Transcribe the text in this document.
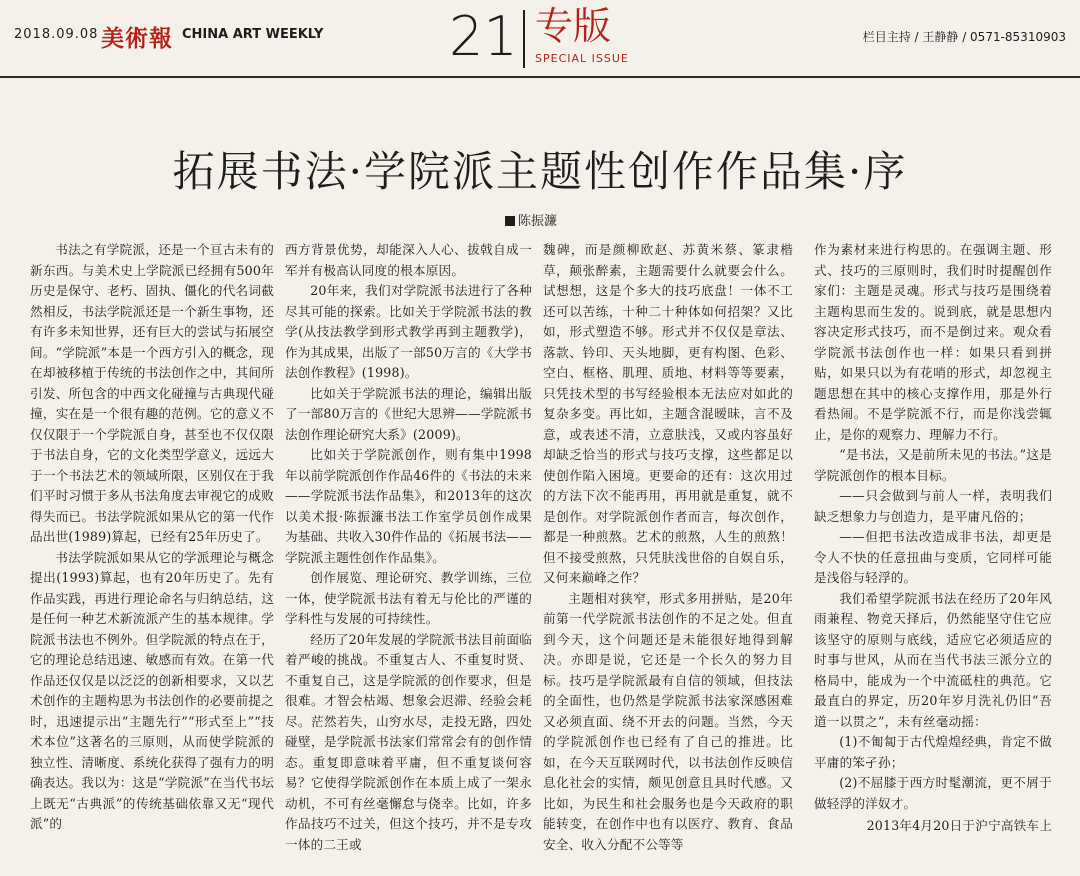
2018.09.08 美術報 CHINA ART WEEKLY 21 专版
SPECIAL ISSUE
栏目主持 / 王静静 / 0571-85310903
拓展书法·学院派主题性创作作品集·序
陈振濂

书法之有学院派，还是一个亘古未有的新东西。与美术史上学院派已经拥有500年历史是保守、老朽、固执、僵化的代名词截然相反，书法学院派还是一个新生事物，还有许多未知世界，还有巨大的尝试与拓展空间。“学院派”本是一个西方引入的概念，现在却被移植于传统的书法创作之中，其间所引发、所包含的中西文化碰撞与古典现代碰撞，实在是一个很有趣的范例。它的意义不仅仅限于一个学院派自身，甚至也不仅仅限于书法自身，它的文化类型学意义，远远大于一个书法艺术的领域所限，区别仅在于我们平时习惯于多从书法角度去审视它的成败得失而已。书法学院派如果从它的第一代作品出世(1989)算起，已经有25年历史了。

书法学院派如果从它的学派理论与概念提出(1993)算起，也有20年历史了。先有作品实践，再进行理论命名与归纳总结，这是任何一种艺术新流派产生的基本规律。学院派书法也不例外。但学院派的特点在于，它的理论总结迅速、敏感而有效。在第一代作品还仅仅是以泛泛的创新相要求，又以艺术创作的主题构思为书法创作的必要前提之时，迅速提示出“主题先行”“形式至上”“技术本位”这著名的三原则，从而使学院派的独立性、清晰度、系统化获得了强有力的明确表达。我以为：这是“学院派”在当代书坛上既无“古典派”的传统基础依靠又无“现代派”的

西方背景优势，却能深入人心、拔戟自成一军并有极高认同度的根本原因。

20年来，我们对学院派书法进行了各种尽其可能的探索。比如关于学院派书法的教学(从技法教学到形式教学再到主题教学)，作为其成果，出版了一部50万言的《大学书法创作教程》(1998)。

比如关于学院派书法的理论，编辑出版了一部80万言的《世纪大思辨——学院派书法创作理论研究大系》(2009)。

比如关于学院派创作，则有集中1998年以前学院派创作作品46件的《书法的未来——学院派书法作品集》，和2013年的这次以美术报·陈振濂书法工作室学员创作成果为基础、共收入30件作品的《拓展书法——学院派主题性创作作品集》。

创作展览、理论研究、教学训练，三位一体，使学院派书法有着无与伦比的严谨的学科性与发展的可持续性。

经历了20年发展的学院派书法目前面临着严峻的挑战。不重复古人、不重复时贤、不重复自己，这是学院派的创作要求，但是很难。才智会枯竭、想象会迟滞、经验会耗尽。茫然若失，山穷水尽，走投无路，四处碰壁，是学院派书法家们常常会有的创作情态。重复即意味着平庸，但不重复谈何容易？它使得学院派创作在本质上成了一架永动机，不可有丝毫懈怠与侥幸。比如，许多作品技巧不过关，但这个技巧，并不是专攻一体的二王或

魏碑，而是颜柳欧赵、苏黄米蔡、篆隶楷草，颠张醉素，主题需要什么就要会什么。试想想，这是个多大的技巧底盘！一体不工还可以苦练，十种二十种体如何招架？又比如，形式塑造不够。形式并不仅仅是章法、落款、钤印、天头地脚，更有构图、色彩、空白、框格、肌理、质地、材料等等要素，只凭技术型的书写经验根本无法应对如此的复杂多变。再比如，主题含混暧昧，言不及意，或表述不清，立意肤浅，又或内容虽好却缺乏恰当的形式与技巧支撑，这些都足以使创作陷入困境。更要命的还有：这次用过的方法下次不能再用，再用就是重复，就不是创作。对学院派创作者而言，每次创作，都是一种煎熬。艺术的煎熬，人生的煎熬！但不接受煎熬，只凭肤浅世俗的自娱自乐，又何来巅峰之作？

主题相对狭窄，形式多用拼贴，是20年前第一代学院派书法创作的不足之处。但直到今天，这个问题还是未能很好地得到解决。亦即是说，它还是一个长久的努力目标。技巧是学院派最有自信的领域，但技法的全面性，也仍然是学院派书法家深感困难又必须直面、绕不开去的问题。当然，今天的学院派创作也已经有了自己的推进。比如，在今天互联网时代，以书法创作反映信息化社会的实情，颇见创意且具时代感。又比如，为民生和社会服务也是今天政府的职能转变，在创作中也有以医疗、教育、食品安全、收入分配不公等等

作为素材来进行构思的。在强调主题、形式、技巧的三原则时，我们时时提醒创作家们：主题是灵魂。形式与技巧是围绕着主题构思而生发的。说到底，就是思想内容决定形式技巧，而不是倒过来。观众看学院派书法创作也一样：如果只看到拼贴，如果只以为有花哨的形式，却忽视主题思想在其中的核心支撑作用，那是外行看热闹。不是学院派不行，而是你浅尝辄止，是你的观察力、理解力不行。

“是书法，又是前所未见的书法。”这是学院派创作的根本目标。

——只会做到与前人一样，表明我们缺乏想象力与创造力，是平庸凡俗的；

——但把书法改造成非书法，却更是令人不快的任意扭曲与变质，它同样可能是浅俗与轻浮的。

我们希望学院派书法在经历了20年风雨兼程、物竞天择后，仍然能坚守住它应该坚守的原则与底线，适应它必须适应的时事与世风，从而在当代书法三派分立的格局中，能成为一个中流砥柱的典范。它最直白的界定，历20年岁月洗礼仍旧“吾道一以贯之”，未有丝毫动摇：

(1)不匍匐于古代煌煌经典，肯定不做平庸的笨孑孙；

(2)不屈膝于西方时髦潮流，更不屑于做轻浮的洋奴才。

2013年4月20日于沪宁高铁车上
